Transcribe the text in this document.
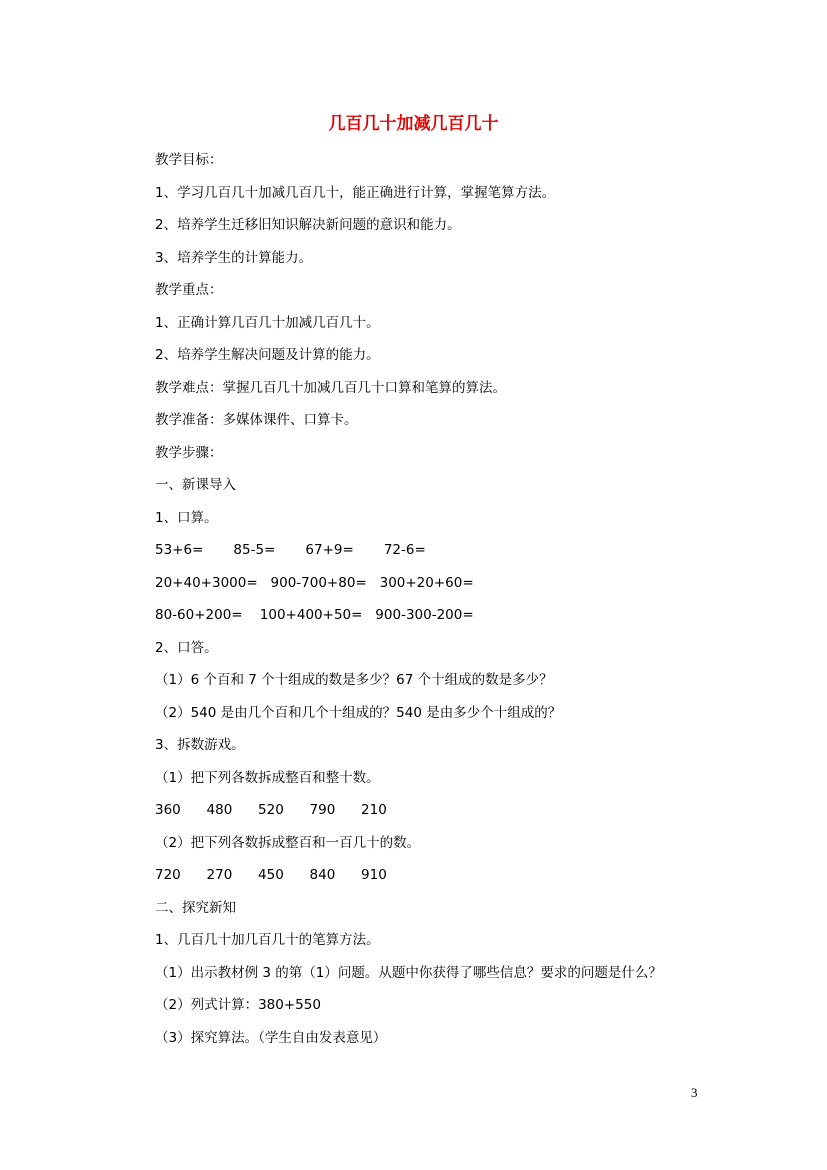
几百几十加减几百几十
教学目标：
1、学习几百几十加减几百几十，能正确进行计算，掌握笔算方法。
2、培养学生迁移旧知识解决新问题的意识和能力。
3、培养学生的计算能力。
教学重点：
1、正确计算几百几十加减几百几十。
2、培养学生解决问题及计算的能力。
教学难点：掌握几百几十加减几百几十口算和笔算的算法。
教学准备：多媒体课件、口算卡。
教学步骤：
一、新课导入
1、口算。
53+6=       85-5=       67+9=       72-6=
20+40+3000=   900-700+80=   300+20+60=
80-60+200=    100+400+50=   900-300-200=
2、口答。
（1）6 个百和 7 个十组成的数是多少？67 个十组成的数是多少？
（2）540 是由几个百和几个十组成的？540 是由多少个十组成的？
3、拆数游戏。
（1）把下列各数拆成整百和整十数。
360      480      520      790      210
（2）把下列各数拆成整百和一百几十的数。
720      270      450      840      910
二、探究新知
1、几百几十加几百几十的笔算方法。
（1）出示教材例 3 的第（1）问题。从题中你获得了哪些信息？要求的问题是什么？
（2）列式计算：380+550
（3）探究算法。（学生自由发表意见）
3
